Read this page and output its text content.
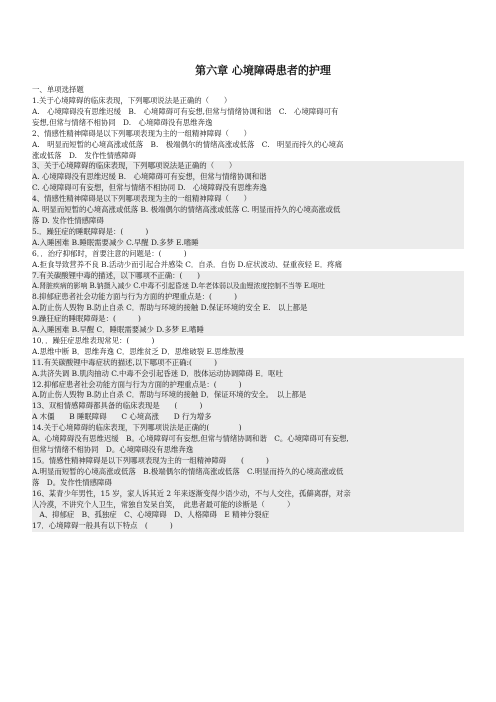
第六章 心境障碍患者的护理
一、单项选择题
1.关于心境障碍的临床表现，下列哪项说法是正确的（　　）
A.　心境障碍没有思维迟缓　B.　心境障碍可有妄想,但常与情绪协调和谐　C.　心境障碍可有
妄想,但常与情绪不相协同　D.　心境障碍没有思维奔逸
2、情感性精神障碍是以下列哪项表现为主的一组精神障碍（　　）
A.　明显而短暂的心境高涨或低落　B.　极端偶尔的情绪高涨或低落　C.　明显而持久的心境高
涨或低落　D.　发作性情感障碍
3、关于心境障碍的临床表现，下列哪项说法是正确的（　　）
A. 心境障碍没有思维迟缓 B.　心境障碍可有妄想，但常与情绪协调和谐
C. 心境障碍可有妄想，但常与情绪不相协同 D.　心境障碍没有思维奔逸
4、情感性精神障碍是以下列哪项表现为主的一组精神障碍（　　）
A. 明显而短暂的心境高涨或低落 B. 极端偶尔的情绪高涨或低落 C. 明显而持久的心境高涨或低
落 D. 发作性情感障碍
5.．躁狂症的睡眠障碍是：(　　　)
A.入睡困难 B.睡眠需要减少 C.早醒 D.多梦 E.嗜睡
6．．治疗抑郁时，首要注意的问题是：(　　　)
A.拒食导致营养不良 B.活动少而引起合并感染 C．自杀．自伤 D.症状波动、昼重夜轻 E．疼痛
7.有关碳酸锂中毒的描述，以下哪项不正确：(　　)
A.肾脏疾病的影响 B.钠摄入减少 C.中毒不引起昏迷 D.年老体弱以及血锂浓度控制不当等 E.呕吐
8.抑郁症患者社会功能方面与行为方面的护理重点是：(　　　)
A.防止伤人毁物 B.防止自杀 C．帮助与环境的接触 D.保证环境的安全 E.　以上都是
9.躁狂症的睡眠障碍是：(　　　)
A.入睡困难 B.早醒 C．睡眠需要减少 D.多梦 E.嗜睡
10．．躁狂症思维表现常见：(　　　)
A.思维中断 B．思维奔逸 C．思维贫乏 D．思维破裂 E.思维散漫
11.有关碳酸锂中毒症状的描述,以下哪项不正确:(　　　)
A.共济失调 B.肌肉抽动 C.中毒不会引起昏迷 D．肢体运动协调障碍 E．呕吐
12.抑郁症患者社会功能方面与行为方面的护理重点是：(　　　)
A.防止伤人毁物 B.防止自杀 C．帮助与环境的接触 D．保证环境的安全。　以上都是
13、双相情感障碍都具备的临床表现是　　(　　　)
A 木僵　　B 睡眠障碍　　C 心境高涨　　D 行为增多
14.关于心境障碍的临床表现，下列哪项说法是正确的(　　　　)
A。心境障碍没有思维迟缓　B。心境障碍可有妄想,但常与情绪协调和谐　C。心境障碍可有妄想,
但常与情绪不相协同　D。心境障碍没有思维奔逸
15。情感性精神障碍是以下列哪项表现为主的一组精神障碍　　(　　　)
A.明显而短暂的心境高涨或低落　B.极端偶尔的情绪高涨或低落　C.明显而持久的心境高涨或低
落　D。发作性情感障碍
16、某青少年男性，15 岁，家人诉其近 2 年来逐渐变得少语少动，不与人交往，孤僻离群，对亲
人冷漠，不讲究个人卫生，常独自发呆自笑，　此患者最可能的诊断是（　　　）
　A、抑郁症　B、孤独症　C、心境障碍　D、人格障碍　E 精神分裂症
17．心境障碍一般具有以下特点　(　　　)
